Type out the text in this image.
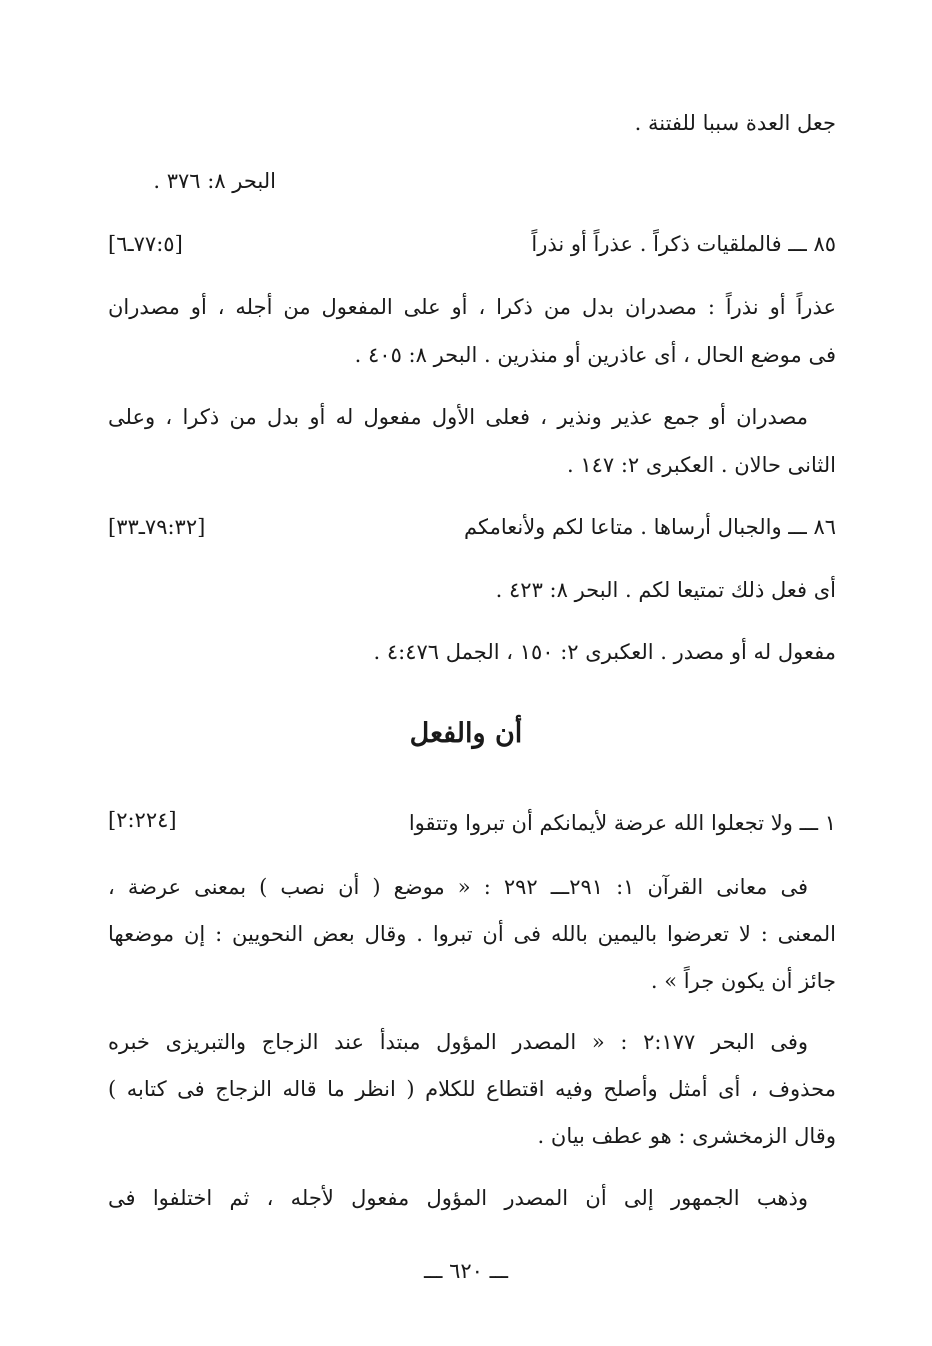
جعل العدة سببا للفتنة .
البحر ٨: ٣٧٦ .
٨٥ ـــ فالملقيات ذكراً . عذراً أو نذراً
[٧٧:٥ـ٦]
عذراً أو نذراً : مصدران بدل من ذكرا ، أو على المفعول من أجله ، أو مصدران
فى موضع الحال ، أى عاذرين أو منذرين . البحر ٨: ٤٠٥ .
مصدران أو جمع عذير ونذير ، فعلى الأول مفعول له أو بدل من ذكرا ، وعلى
الثانى حالان . العكبرى ٢: ١٤٧ .
٨٦ ـــ والجبال أرساها . متاعا لكم ولأنعامكم
[٧٩:٣٢ـ٣٣]
أى فعل ذلك تمتيعا لكم . البحر ٨: ٤٢٣ .
مفعول له أو مصدر . العكبرى ٢: ١٥٠ ، الجمل ٤:٤٧٦ .
أن والفعل
١ ـــ ولا تجعلوا الله عرضة لأيمانكم أن تبروا وتتقوا
[٢:٢٢٤]
فى معانى القرآن ١: ٢٩١ـــ ٢٩٢ : « موضع ( أن نصب ) بمعنى عرضة ،
المعنى : لا تعرضوا باليمين بالله فى أن تبروا . وقال بعض النحويين : إن موضعها
جائز أن يكون جراً » .
وفى البحر ٢:١٧٧ : « المصدر المؤول مبتدأ عند الزجاج والتبريزى خبره
محذوف ، أى أمثل وأصلح وفيه اقتطاع للكلام ( انظر ما قاله الزجاج فى كتابه )
وقال الزمخشرى : هو عطف بيان .
وذهب الجمهور إلى أن المصدر المؤول مفعول لأجله ، ثم اختلفوا فى
ـــ ٦٢٠ ـــ
